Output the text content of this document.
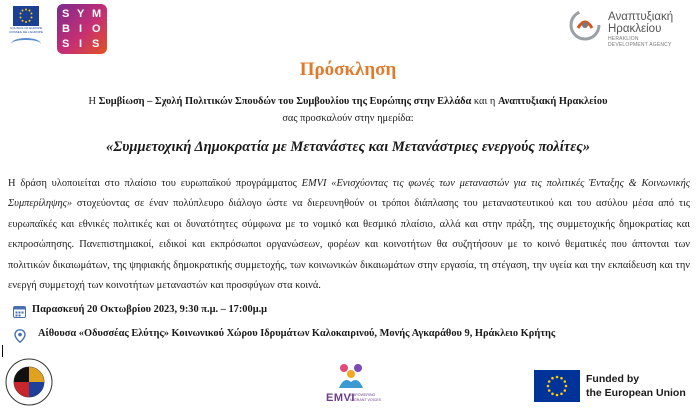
COUNCIL OF EUROPE
CONSEIL DE L'EUROPE
S Y M
B I O
S I S
Αναπτυξιακή
Ηρακλείου
HERAKLION
DEVELOPMENT AGENCY
Πρόσκληση
Η Συμβίωση – Σχολή Πολιτικών Σπουδών του Συμβουλίου της Ευρώπης στην Ελλάδα και η Αναπτυξιακή Ηρακλείου
σας προσκαλούν στην ημερίδα:
«Συμμετοχική Δημοκρατία με Μετανάστες και Μετανάστριες ενεργούς πολίτες»
Η δράση υλοποιείται στο πλαίσιο του ευρωπαϊκού προγράμματος EMVI «Ενισχύοντας τις φωνές των μεταναστών για τις πολιτικές Ένταξης & Κοινωνικής Συμπερίληψης» στοχεύοντας σε έναν πολύπλευρο διάλογο ώστε να διερευνηθούν οι τρόποι διάπλασης του μεταναστευτικού και του ασύλου μέσα από τις ευρωπαϊκές και εθνικές πολιτικές και οι δυνατότητες σύμφωνα με το νομικό και θεσμικό πλαίσιο, αλλά και στην πράξη, της συμμετοχικής δημοκρατίας και εκπροσώπησης. Πανεπιστημιακοί, ειδικοί και εκπρόσωποι οργανώσεων, φορέων και κοινοτήτων θα συζητήσουν με το κοινό θεματικές που άπτονται των πολιτικών δικαιωμάτων, της ψηφιακής δημοκρατικής συμμετοχής, των κοινωνικών δικαιωμάτων στην εργασία, τη στέγαση, την υγεία και την εκπαίδευση και την ενεργή συμμετοχή των κοινοτήτων μεταναστών και προσφύγων στα κοινά.
Παρασκευή 20 Οκτωβρίου 2023, 9:30 π.μ. – 17:00μ.μ
Αίθουσα «Οδυσσέας Ελύτης» Κοινωνικού Χώρου Ιδρυμάτων Καλοκαιρινού, Μονής Αγκαράθου 9, Ηράκλειο Κρήτης
EMVI
EMPOWERING
MIGRANT VOICES
Funded by
the European Union
